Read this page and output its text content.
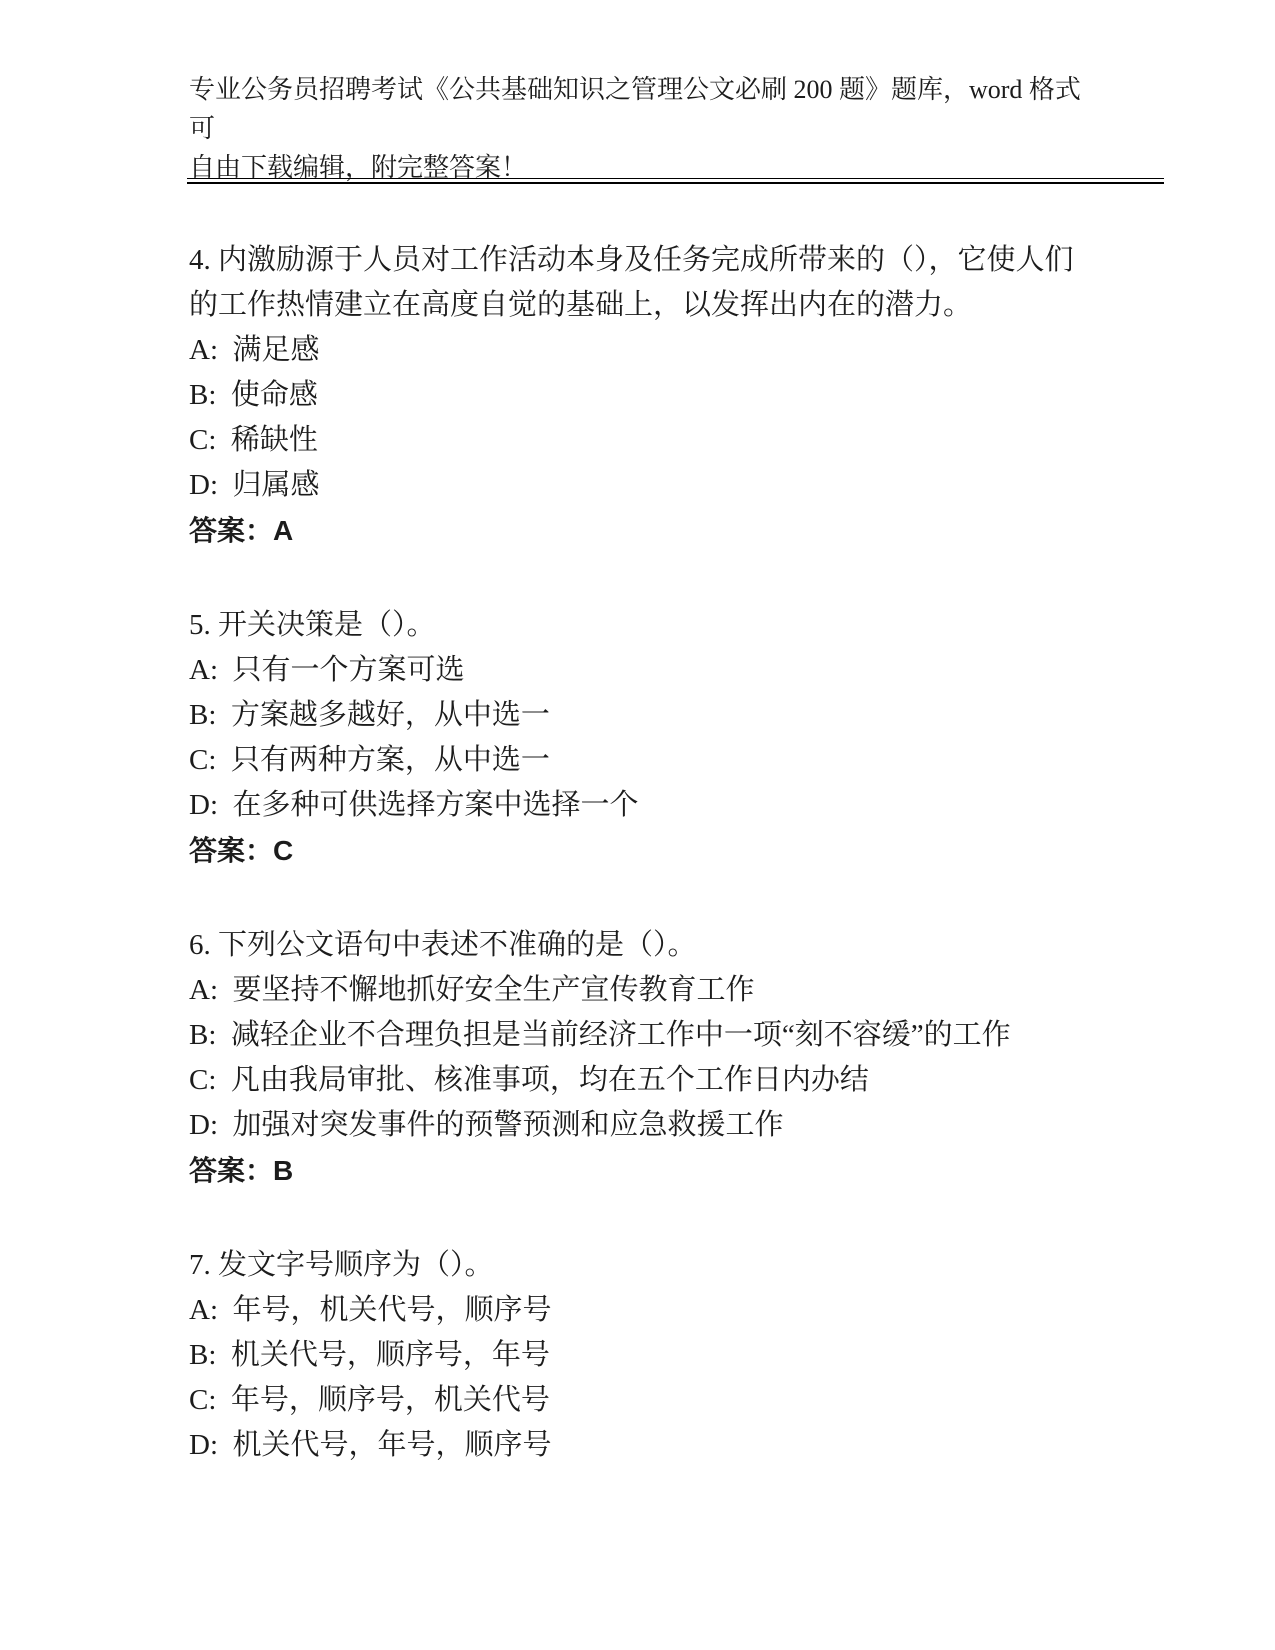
专业公务员招聘考试《公共基础知识之管理公文必刷 200 题》题库，word 格式可
自由下载编辑，附完整答案！

4. 内激励源于人员对工作活动本身及任务完成所带来的（），它使人们的工作热情建立在高度自觉的基础上，以发挥出内在的潜力。

A:  满足感

B:  使命感

C:  稀缺性

D:  归属感

答案：A

5. 开关决策是（）。

A:  只有一个方案可选

B:  方案越多越好，从中选一

C:  只有两种方案，从中选一

D:  在多种可供选择方案中选择一个

答案：C

6. 下列公文语句中表述不准确的是（）。

A:  要坚持不懈地抓好安全生产宣传教育工作

B:  减轻企业不合理负担是当前经济工作中一项“刻不容缓”的工作

C:  凡由我局审批、核准事项，均在五个工作日内办结

D:  加强对突发事件的预警预测和应急救援工作

答案：B

7. 发文字号顺序为（）。

A:  年号，机关代号，顺序号

B:  机关代号，顺序号，年号

C:  年号，顺序号，机关代号

D:  机关代号，年号，顺序号
